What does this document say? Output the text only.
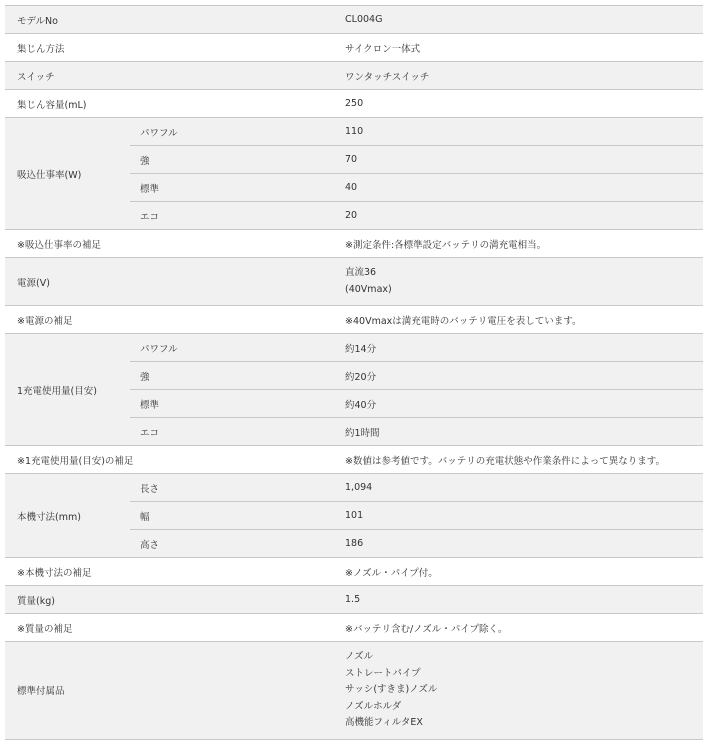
モデルNo		CL004G
集じん方法		サイクロン一体式
スイッチ		ワンタッチスイッチ
集じん容量(mL)		250
吸込仕事率(W)	パワフル	110
	強	70
	標準	40
	エコ	20
※吸込仕事率の補足		※測定条件:各標準設定バッテリの満充電相当。
電源(V)		直流36
(40Vmax)

※電源の補足		※40Vmaxは満充電時のバッテリ電圧を表しています。
1充電使用量(目安)	パワフル	約14分
	強	約20分
	標準	約40分
	エコ	約1時間
※1充電使用量(目安)の補足		※数値は参考値です。バッテリの充電状態や作業条件によって異なります。
本機寸法(mm)	長さ	1,094
	幅	101
	高さ	186
※本機寸法の補足		※ノズル・パイプ付。
質量(kg)		1.5
※質量の補足		※バッテリ含む/ノズル・パイプ除く。
標準付属品		ノズル
ストレートパイプ
サッシ(すきま)ノズル
ノズルホルダ
高機能フィルタEX
